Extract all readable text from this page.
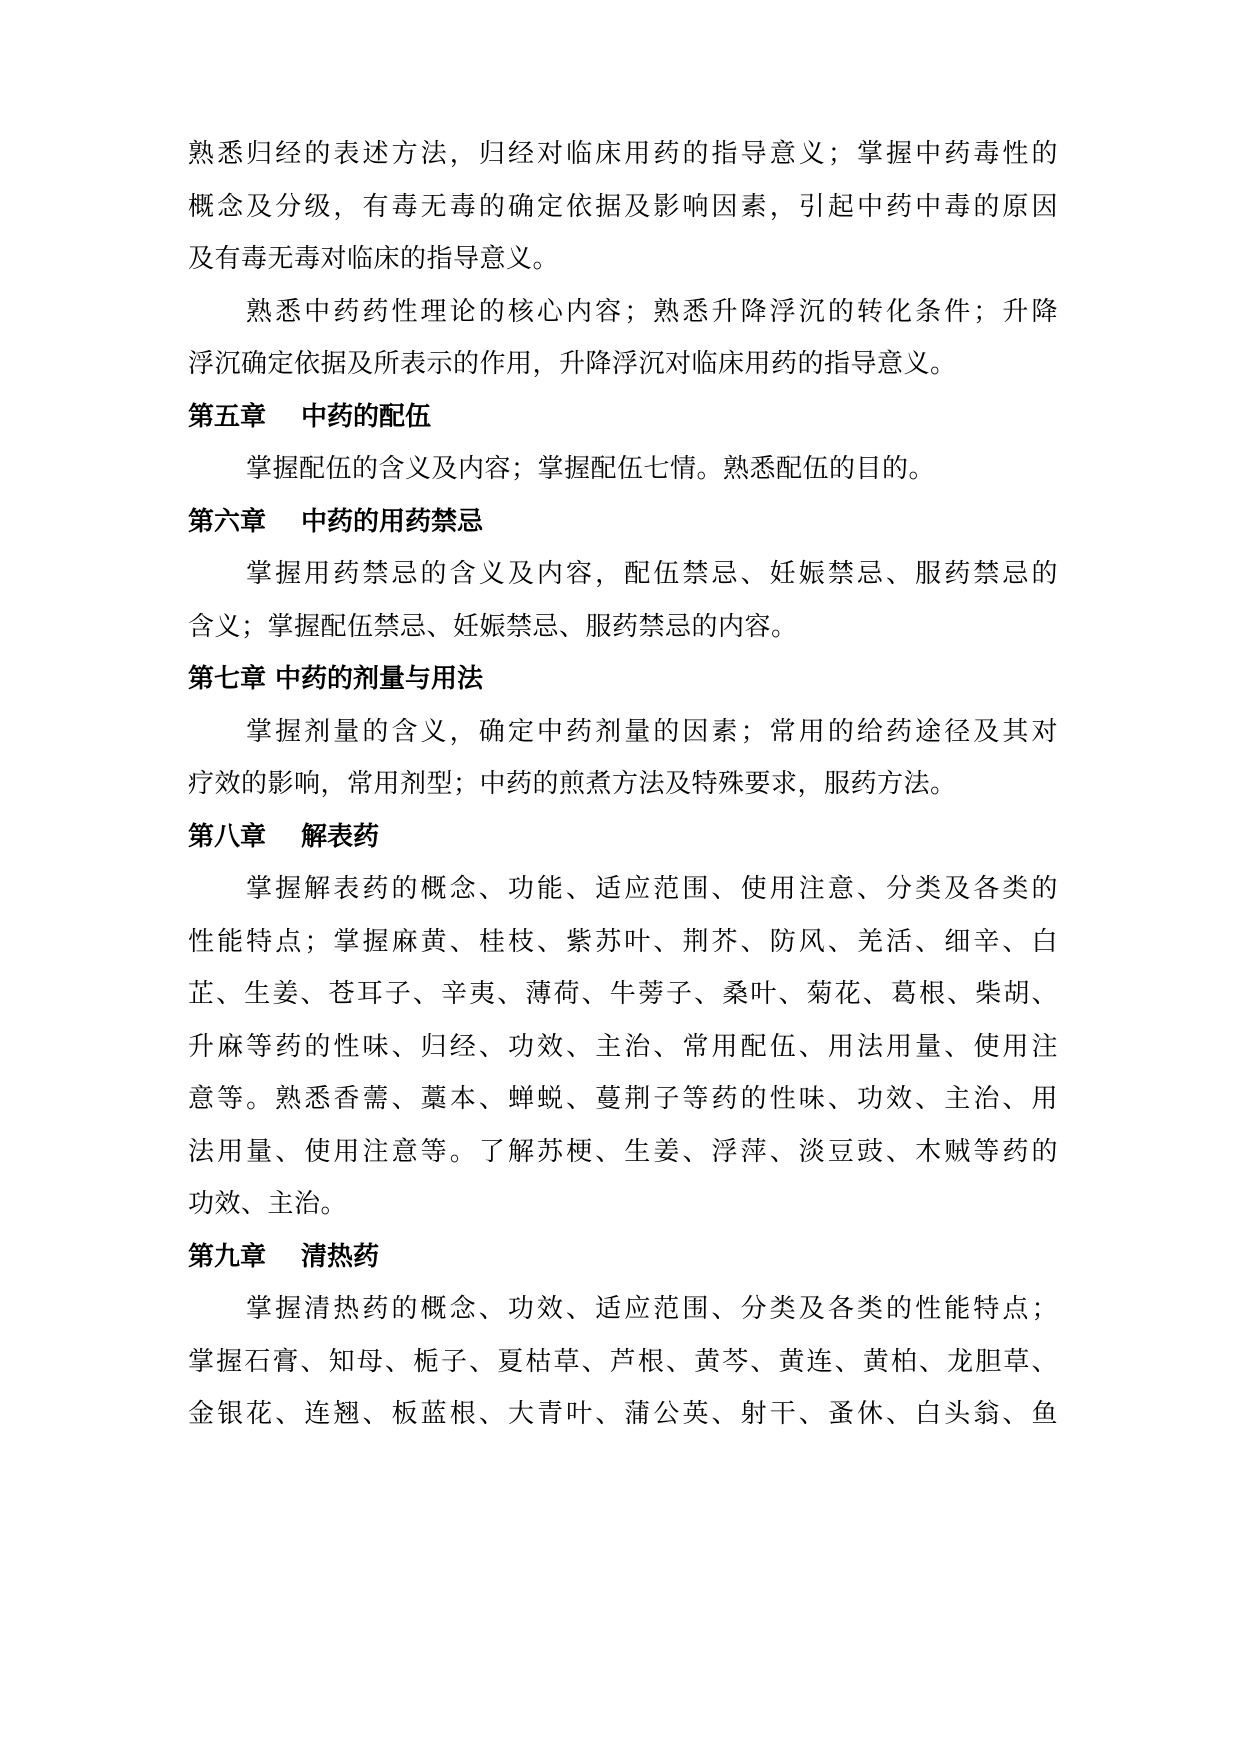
熟悉归经的表述方法，归经对临床用药的指导意义；掌握中药毒性的
概念及分级，有毒无毒的确定依据及影响因素，引起中药中毒的原因
及有毒无毒对临床的指导意义。
熟悉中药药性理论的核心内容；熟悉升降浮沉的转化条件；升降
浮沉确定依据及所表示的作用，升降浮沉对临床用药的指导意义。
第五章　 中药的配伍
掌握配伍的含义及内容；掌握配伍七情。熟悉配伍的目的。
第六章　 中药的用药禁忌
掌握用药禁忌的含义及内容，配伍禁忌、妊娠禁忌、服药禁忌的
含义；掌握配伍禁忌、妊娠禁忌、服药禁忌的内容。
第七章 中药的剂量与用法
掌握剂量的含义，确定中药剂量的因素；常用的给药途径及其对
疗效的影响，常用剂型；中药的煎煮方法及特殊要求，服药方法。
第八章　 解表药
掌握解表药的概念、功能、适应范围、使用注意、分类及各类的
性能特点；掌握麻黄、桂枝、紫苏叶、荆芥、防风、羌活、细辛、白
芷、生姜、苍耳子、辛夷、薄荷、牛蒡子、桑叶、菊花、葛根、柴胡、
升麻等药的性味、归经、功效、主治、常用配伍、用法用量、使用注
意等。熟悉香薷、藁本、蝉蜕、蔓荆子等药的性味、功效、主治、用
法用量、使用注意等。了解苏梗、生姜、浮萍、淡豆豉、木贼等药的
功效、主治。
第九章　 清热药
掌握清热药的概念、功效、适应范围、分类及各类的性能特点；
掌握石膏、知母、栀子、夏枯草、芦根、黄芩、黄连、黄柏、龙胆草、
金银花、连翘、板蓝根、大青叶、蒲公英、射干、蚤休、白头翁、鱼
